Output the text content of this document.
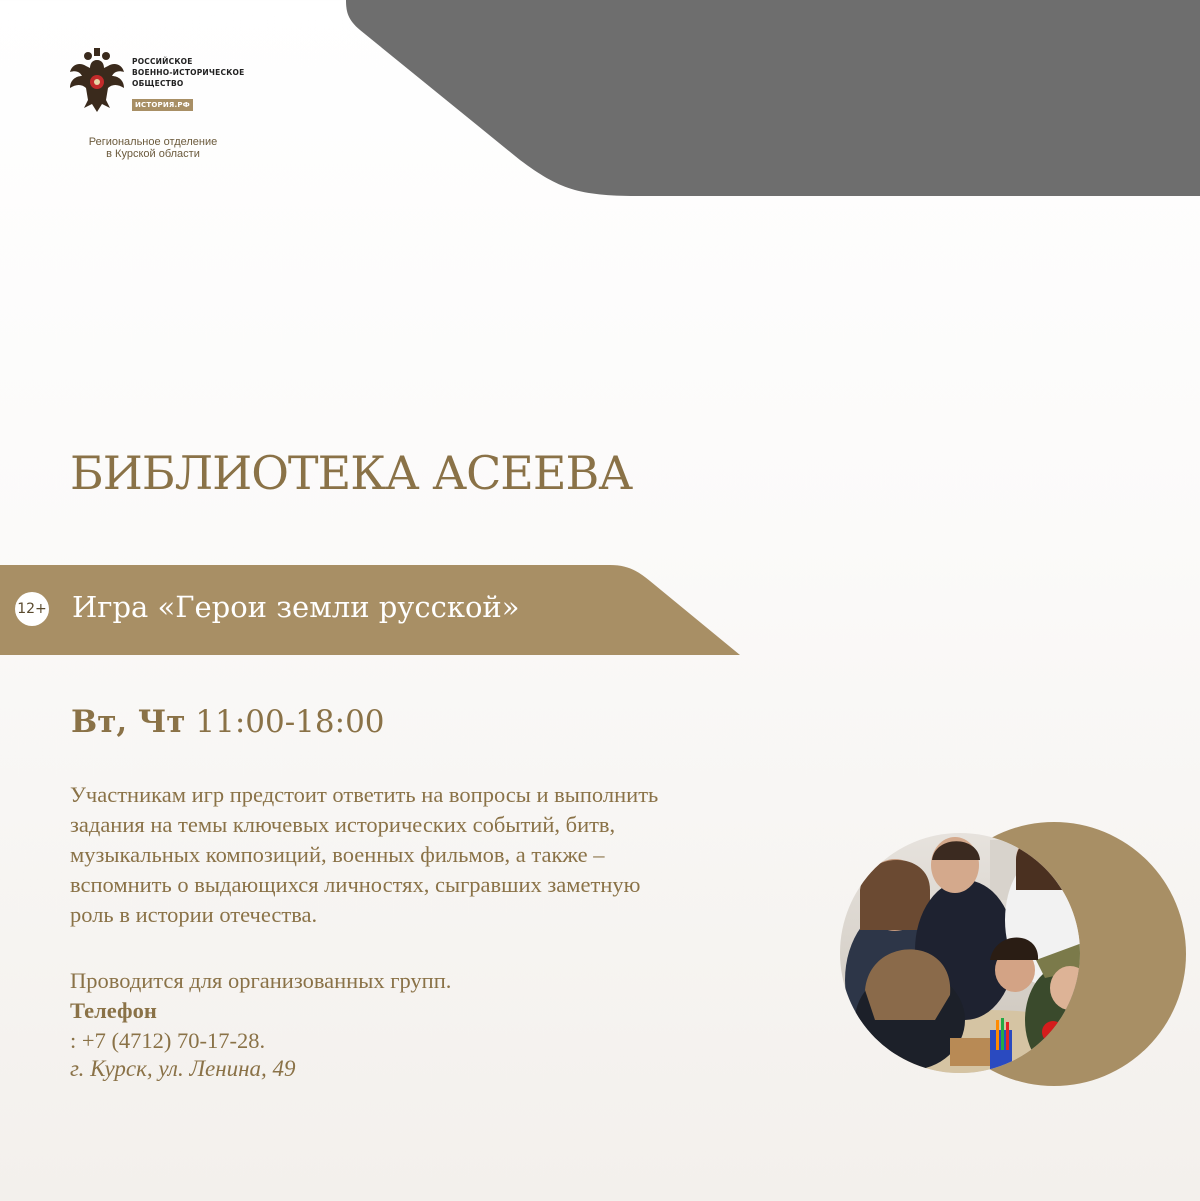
РОССИЙСКОЕ
ВОЕННО-ИСТОРИЧЕСКОЕ
ОБЩЕСТВО
ИСТОРИЯ.РФ
Региональное отделение
в Курской области
БИБЛИОТЕКА АСЕЕВА
12+ Игра «Герои земли русской»
Вт, Чт 11:00-18:00
Участникам игр предстоит ответить на вопросы и выполнить
задания на темы ключевых исторических событий, битв,
музыкальных композиций, военных фильмов, а также –
вспомнить о выдающихся личностях, сыгравших заметную
роль в истории отечества.
Проводится для организованных групп.
Телефон
: +7 (4712) 70-17-28.
г. Курск, ул. Ленина, 49
